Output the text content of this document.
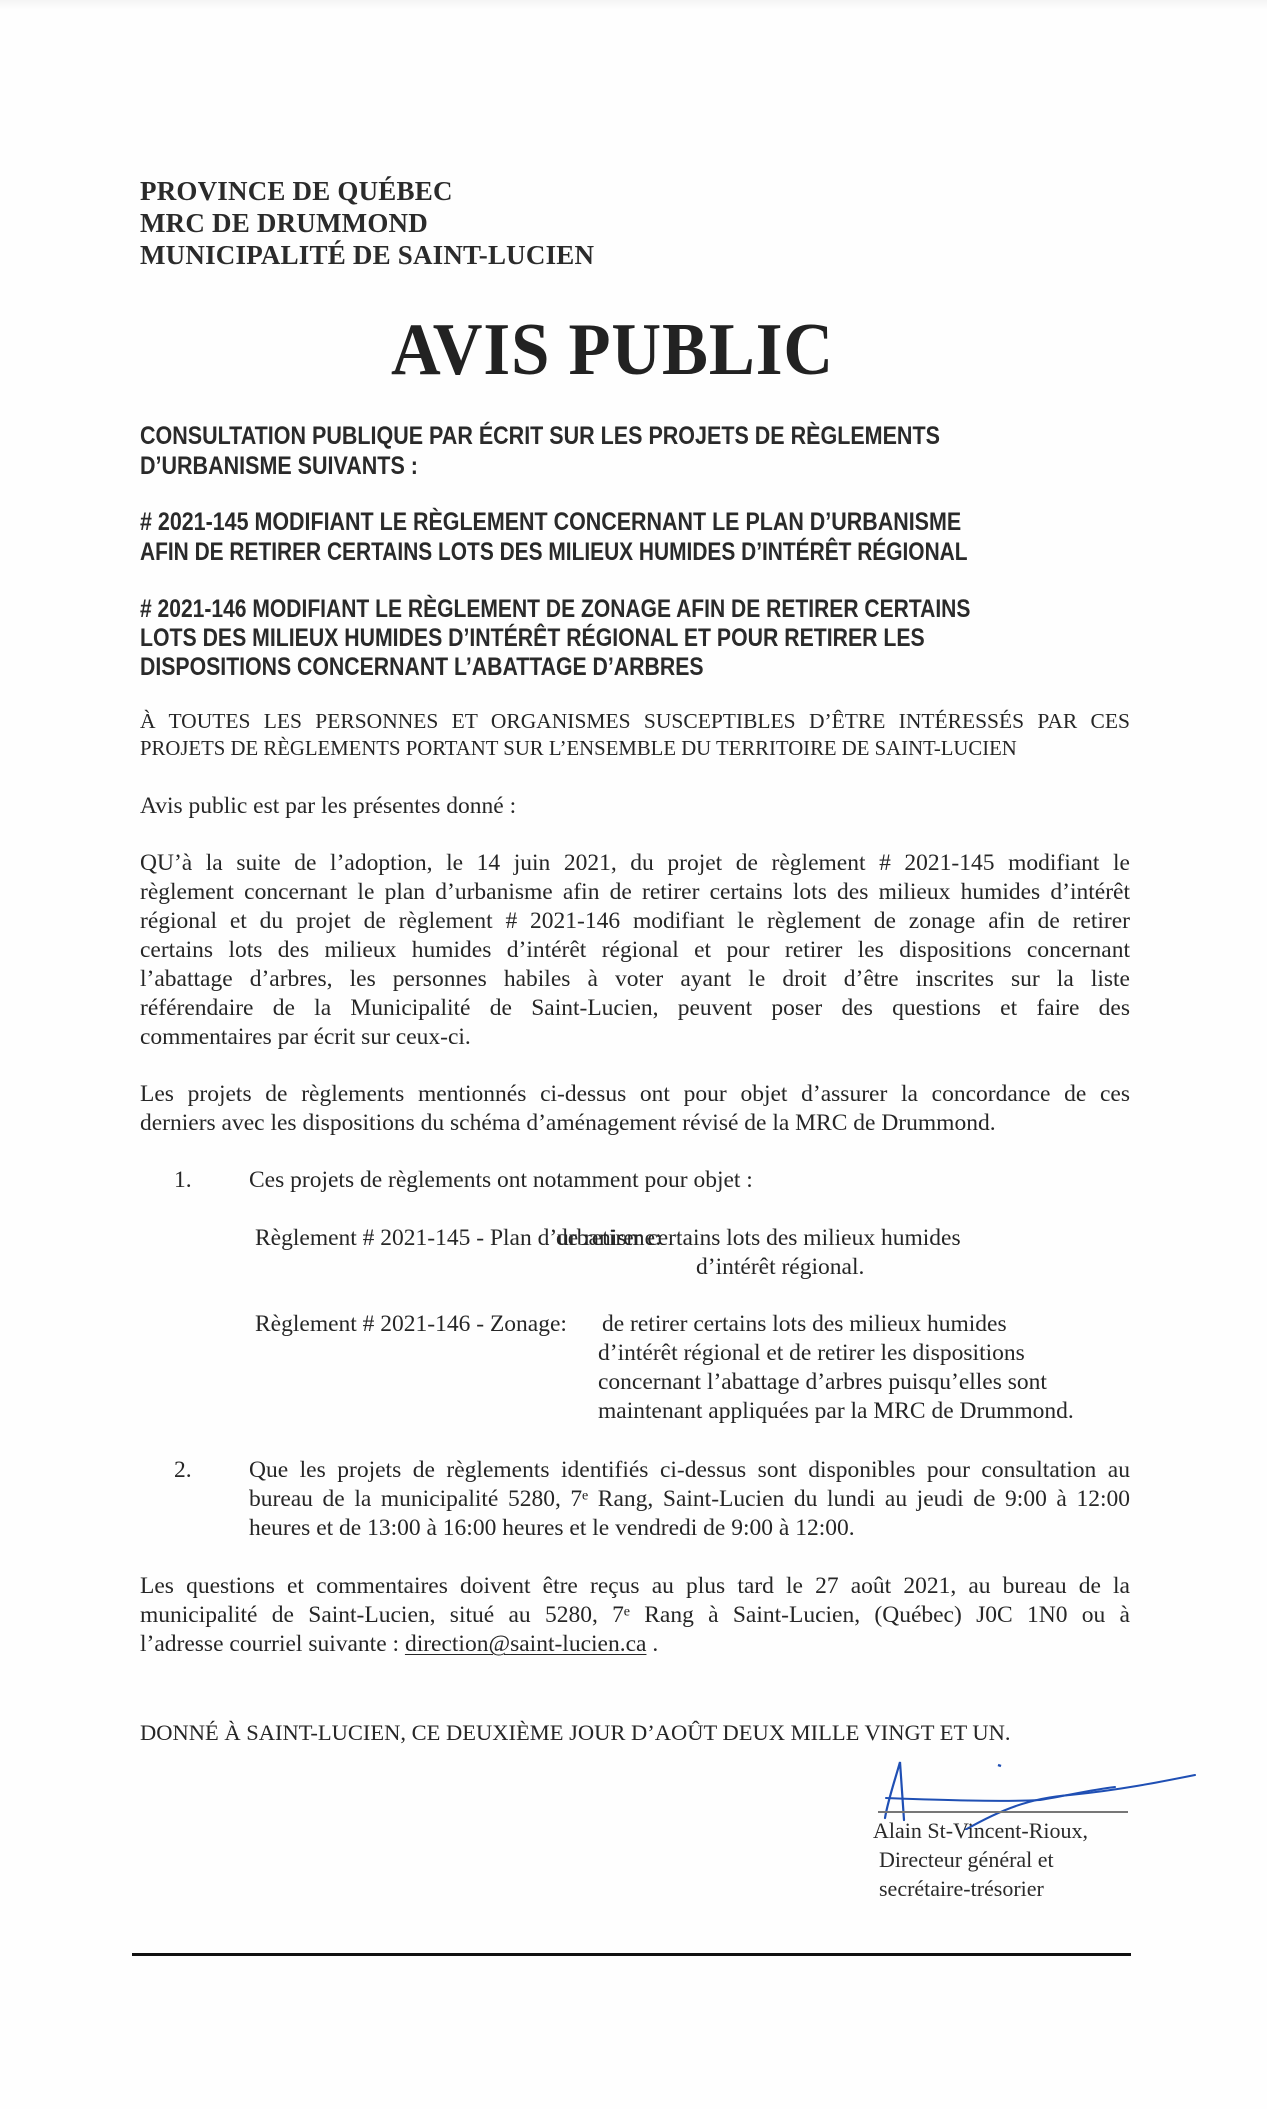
PROVINCE DE QUÉBEC
MRC DE DRUMMOND
MUNICIPALITÉ DE SAINT-LUCIEN
AVIS PUBLIC
CONSULTATION PUBLIQUE PAR ÉCRIT SUR LES PROJETS DE RÈGLEMENTS
D’URBANISME SUIVANTS :
# 2021-145 MODIFIANT LE RÈGLEMENT CONCERNANT LE PLAN D’URBANISME
AFIN DE RETIRER CERTAINS LOTS DES MILIEUX HUMIDES D’INTÉRÊT RÉGIONAL
# 2021-146 MODIFIANT LE RÈGLEMENT DE ZONAGE AFIN DE RETIRER CERTAINS
LOTS DES MILIEUX HUMIDES D’INTÉRÊT RÉGIONAL ET POUR RETIRER LES
DISPOSITIONS CONCERNANT L’ABATTAGE D’ARBRES
À TOUTES LES PERSONNES ET ORGANISMES SUSCEPTIBLES D’ÊTRE INTÉRESSÉS PAR CES
PROJETS DE RÈGLEMENTS PORTANT SUR L’ENSEMBLE DU TERRITOIRE DE SAINT-LUCIEN
Avis public est par les présentes donné :
QU’à la suite de l’adoption, le 14 juin 2021, du projet de règlement # 2021-145 modifiant le
règlement concernant le plan d’urbanisme afin de retirer certains lots des milieux humides d’intérêt
régional et du projet de règlement # 2021-146 modifiant le règlement de zonage afin de retirer
certains lots des milieux humides d’intérêt régional et pour retirer les dispositions concernant
l’abattage d’arbres, les personnes habiles à voter ayant le droit d’être inscrites sur la liste
référendaire de la Municipalité de Saint-Lucien, peuvent poser des questions et faire des
commentaires par écrit sur ceux-ci.
Les projets de règlements mentionnés ci-dessus ont pour objet d’assurer la concordance de ces
derniers avec les dispositions du schéma d’aménagement révisé de la MRC de Drummond.
1. Ces projets de règlements ont notamment pour objet :
Règlement # 2021-145 - Plan d’urbanisme:
de retirer certains lots des milieux humides
d’intérêt régional.
Règlement # 2021-146 - Zonage: de retirer certains lots des milieux humides
d’intérêt régional et de retirer les dispositions
concernant l’abattage d’arbres puisqu’elles sont
maintenant appliquées par la MRC de Drummond.
2. Que les projets de règlements identifiés ci-dessus sont disponibles pour consultation au
bureau de la municipalité 5280, 7ᵉ Rang, Saint-Lucien du lundi au jeudi de 9:00 à 12:00
heures et de 13:00 à 16:00 heures et le vendredi de 9:00 à 12:00.
Les questions et commentaires doivent être reçus au plus tard le 27 août 2021, au bureau de la
municipalité de Saint-Lucien, situé au 5280, 7ᵉ Rang à Saint-Lucien, (Québec) J0C 1N0 ou à
l’adresse courriel suivante : direction@saint-lucien.ca .
DONNÉ À SAINT-LUCIEN, CE DEUXIÈME JOUR D’AOÛT DEUX MILLE VINGT ET UN.
Alain St-Vincent-Rioux,
Directeur général et
secrétaire-trésorier
